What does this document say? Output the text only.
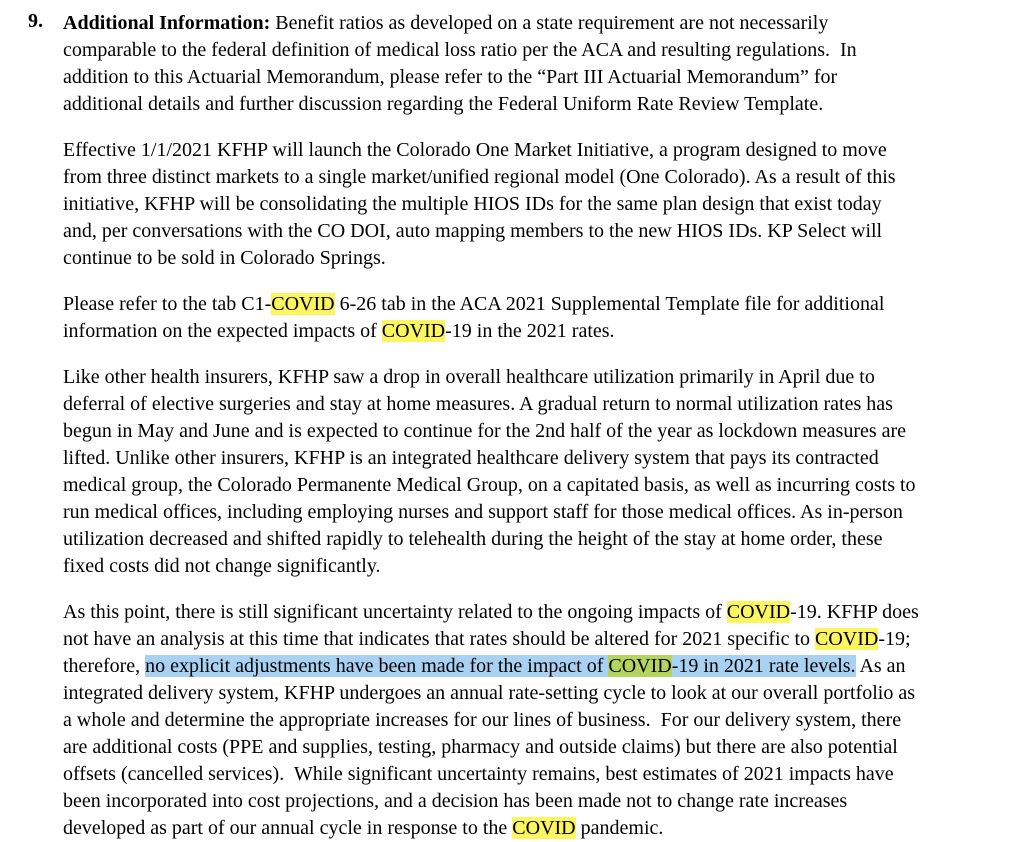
9. Additional Information: Benefit ratios as developed on a state requirement are not necessarily
comparable to the federal definition of medical loss ratio per the ACA and resulting regulations.  In
addition to this Actuarial Memorandum, please refer to the “Part III Actuarial Memorandum” for
additional details and further discussion regarding the Federal Uniform Rate Review Template.
Effective 1/1/2021 KFHP will launch the Colorado One Market Initiative, a program designed to move
from three distinct markets to a single market/unified regional model (One Colorado). As a result of this
initiative, KFHP will be consolidating the multiple HIOS IDs for the same plan design that exist today
and, per conversations with the CO DOI, auto mapping members to the new HIOS IDs. KP Select will
continue to be sold in Colorado Springs.
Please refer to the tab C1-COVID 6-26 tab in the ACA 2021 Supplemental Template file for additional
information on the expected impacts of COVID-19 in the 2021 rates.
Like other health insurers, KFHP saw a drop in overall healthcare utilization primarily in April due to
deferral of elective surgeries and stay at home measures. A gradual return to normal utilization rates has
begun in May and June and is expected to continue for the 2nd half of the year as lockdown measures are
lifted. Unlike other insurers, KFHP is an integrated healthcare delivery system that pays its contracted
medical group, the Colorado Permanente Medical Group, on a capitated basis, as well as incurring costs to
run medical offices, including employing nurses and support staff for those medical offices. As in-person
utilization decreased and shifted rapidly to telehealth during the height of the stay at home order, these
fixed costs did not change significantly.
As this point, there is still significant uncertainty related to the ongoing impacts of COVID-19. KFHP does
not have an analysis at this time that indicates that rates should be altered for 2021 specific to COVID-19;
therefore, no explicit adjustments have been made for the impact of COVID-19 in 2021 rate levels. As an
integrated delivery system, KFHP undergoes an annual rate-setting cycle to look at our overall portfolio as
a whole and determine the appropriate increases for our lines of business.  For our delivery system, there
are additional costs (PPE and supplies, testing, pharmacy and outside claims) but there are also potential
offsets (cancelled services).  While significant uncertainty remains, best estimates of 2021 impacts have
been incorporated into cost projections, and a decision has been made not to change rate increases
developed as part of our annual cycle in response to the COVID pandemic.
